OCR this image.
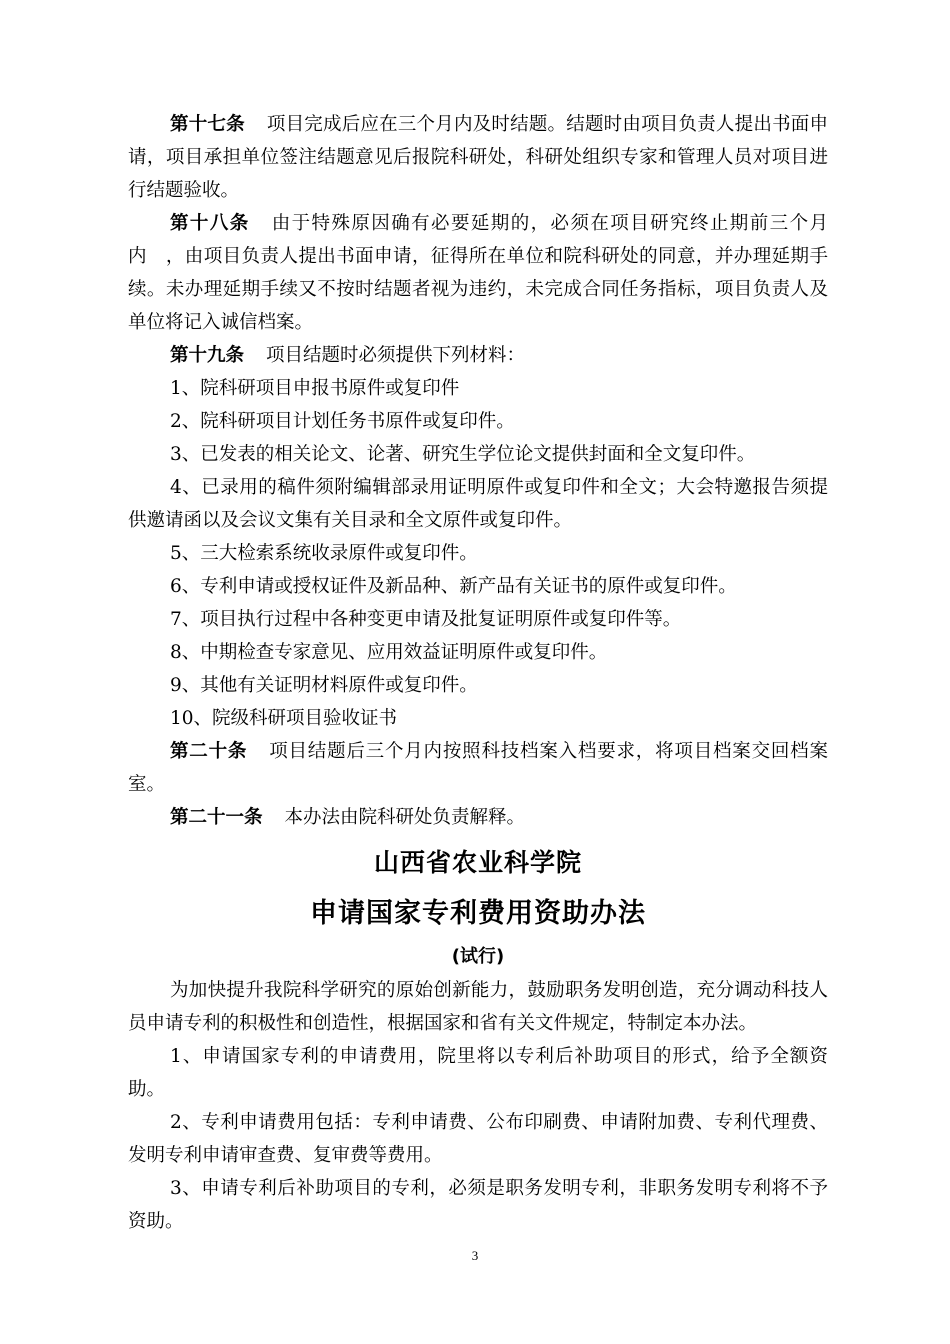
第十七条 项目完成后应在三个月内及时结题。结题时由项目负责人提出书面申请，项目承担单位签注结题意见后报院科研处，科研处组织专家和管理人员对项目进行结题验收。

第十八条 由于特殊原因确有必要延期的，必须在项目研究终止期前三个月内　，由项目负责人提出书面申请，征得所在单位和院科研处的同意，并办理延期手续。未办理延期手续又不按时结题者视为违约，未完成合同任务指标，项目负责人及单位将记入诚信档案。

第十九条 项目结题时必须提供下列材料：

1、院科研项目申报书原件或复印件

2、院科研项目计划任务书原件或复印件。

3、已发表的相关论文、论著、研究生学位论文提供封面和全文复印件。

4、已录用的稿件须附编辑部录用证明原件或复印件和全文；大会特邀报告须提供邀请函以及会议文集有关目录和全文原件或复印件。

5、三大检索系统收录原件或复印件。

6、专利申请或授权证件及新品种、新产品有关证书的原件或复印件。

7、项目执行过程中各种变更申请及批复证明原件或复印件等。

8、中期检查专家意见、应用效益证明原件或复印件。

9、其他有关证明材料原件或复印件。

10、院级科研项目验收证书

第二十条 项目结题后三个月内按照科技档案入档要求，将项目档案交回档案室。

第二十一条 本办法由院科研处负责解释。

山西省农业科学院
申请国家专利费用资助办法

(试行)

为加快提升我院科学研究的原始创新能力，鼓励职务发明创造，充分调动科技人员申请专利的积极性和创造性，根据国家和省有关文件规定，特制定本办法。

1、申请国家专利的申请费用，院里将以专利后补助项目的形式，给予全额资助。

2、专利申请费用包括：专利申请费、公布印刷费、申请附加费、专利代理费、发明专利申请审查费、复审费等费用。

3、申请专利后补助项目的专利，必须是职务发明专利，非职务发明专利将不予资助。

3
